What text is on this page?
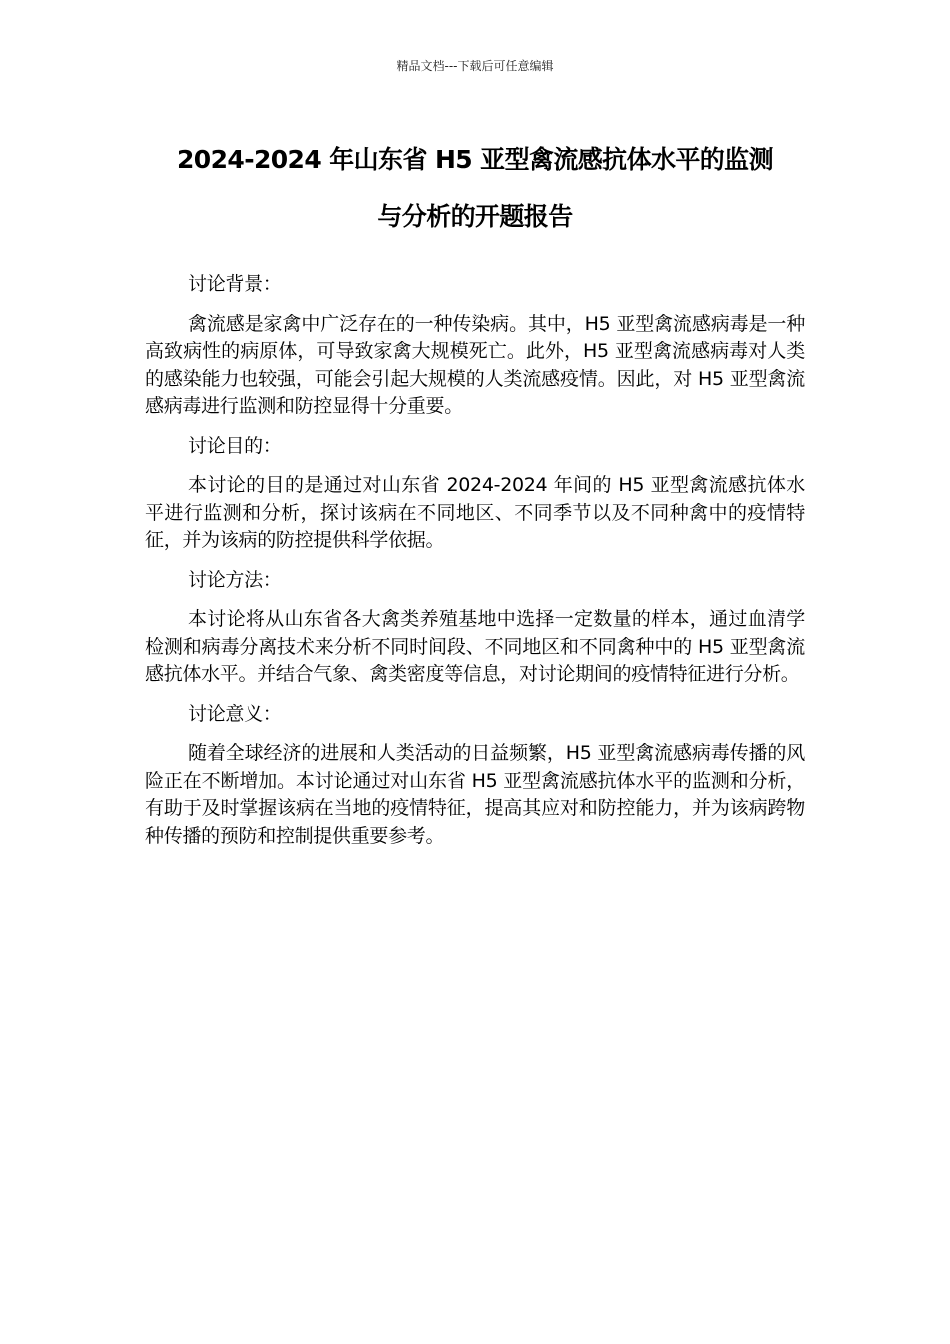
精品文档---下载后可任意编辑
2024-2024 年山东省 H5 亚型禽流感抗体水平的监测
与分析的开题报告

讨论背景：

禽流感是家禽中广泛存在的一种传染病。其中，H5 亚型禽流感病毒是一种高致病性的病原体，可导致家禽大规模死亡。此外，H5 亚型禽流感病毒对人类的感染能力也较强，可能会引起大规模的人类流感疫情。因此，对 H5 亚型禽流感病毒进行监测和防控显得十分重要。

讨论目的：

本讨论的目的是通过对山东省 2024-2024 年间的 H5 亚型禽流感抗体水平进行监测和分析，探讨该病在不同地区、不同季节以及不同种禽中的疫情特征，并为该病的防控提供科学依据。

讨论方法：

本讨论将从山东省各大禽类养殖基地中选择一定数量的样本，通过血清学检测和病毒分离技术来分析不同时间段、不同地区和不同禽种中的 H5 亚型禽流感抗体水平。并结合气象、禽类密度等信息，对讨论期间的疫情特征进行分析。

讨论意义：

随着全球经济的进展和人类活动的日益频繁，H5 亚型禽流感病毒传播的风险正在不断增加。本讨论通过对山东省 H5 亚型禽流感抗体水平的监测和分析，有助于及时掌握该病在当地的疫情特征，提高其应对和防控能力，并为该病跨物种传播的预防和控制提供重要参考。
